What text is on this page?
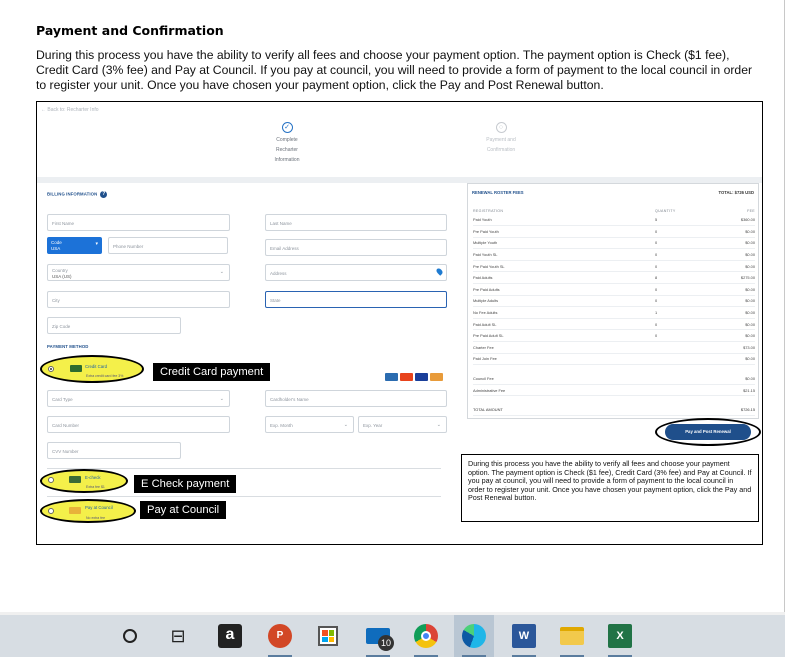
Payment and Confirmation
During this process you have the ability to verify all fees and choose your payment option. The payment option is Check ($1 fee), Credit Card (3% fee) and Pay at Council. If you pay at council, you will need to provide a form of payment to the local council in order to register your unit. Once you have chosen your payment option, click the Pay and Post Renewal button.
← Back to: Recharter Info
✓
Complete
Recharter
Information
○
Payment and
Confirmation
BILLING INFORMATION ?
First Name	Last Name
Code
USA
▾	Phone Number	Email Address
Country
USA (US)
⌄	Address
City	State
Zip Code
PAYMENT METHOD
Credit Card
Extra credit card fee 3%	Credit Card payment
Card Type	⌄	Cardholder's Name
Card Number	Exp. Month	⌄	Exp. Year	⌄
CVV Number
E-check
Extra fee $1	E Check payment
Pay at Council
No extra fee
Pay at Council
RENEWAL ROSTER FEES	TOTAL: $726 USD
REGISTRATION	QUANTITY	FEE
Paid Youth	5	$360.00
Pre Paid Youth	0	$0.00
Multiple Youth	0	$0.00
Paid Youth SL	0	$0.00
Pre Paid Youth SL	0	$0.00
Paid Adults	8	$275.00
Pre Paid Adults	0	$0.00
Multiple Adults	0	$0.00
No Fee Adults	1	$0.00
Paid Adult SL	0	$0.00
Pre Paid Adult SL	0	$0.00
Charter Fee		$73.00
Paid Join Fee		$0.00

Council Fee		$0.00
Administrative Fee		$21.15

TOTAL AMOUNT		$726.15
Pay and Post Renewal
During this process you have the ability to verify all fees and choose your payment option. The payment option is Check ($1 fee), Credit Card (3% fee) and Pay at Council. If you pay at council, you will need to provide a form of payment to the local council in order to register your unit. Once you have chosen your payment option, click the Pay and Post Renewal button.
⊟	a	P
10
W	X
